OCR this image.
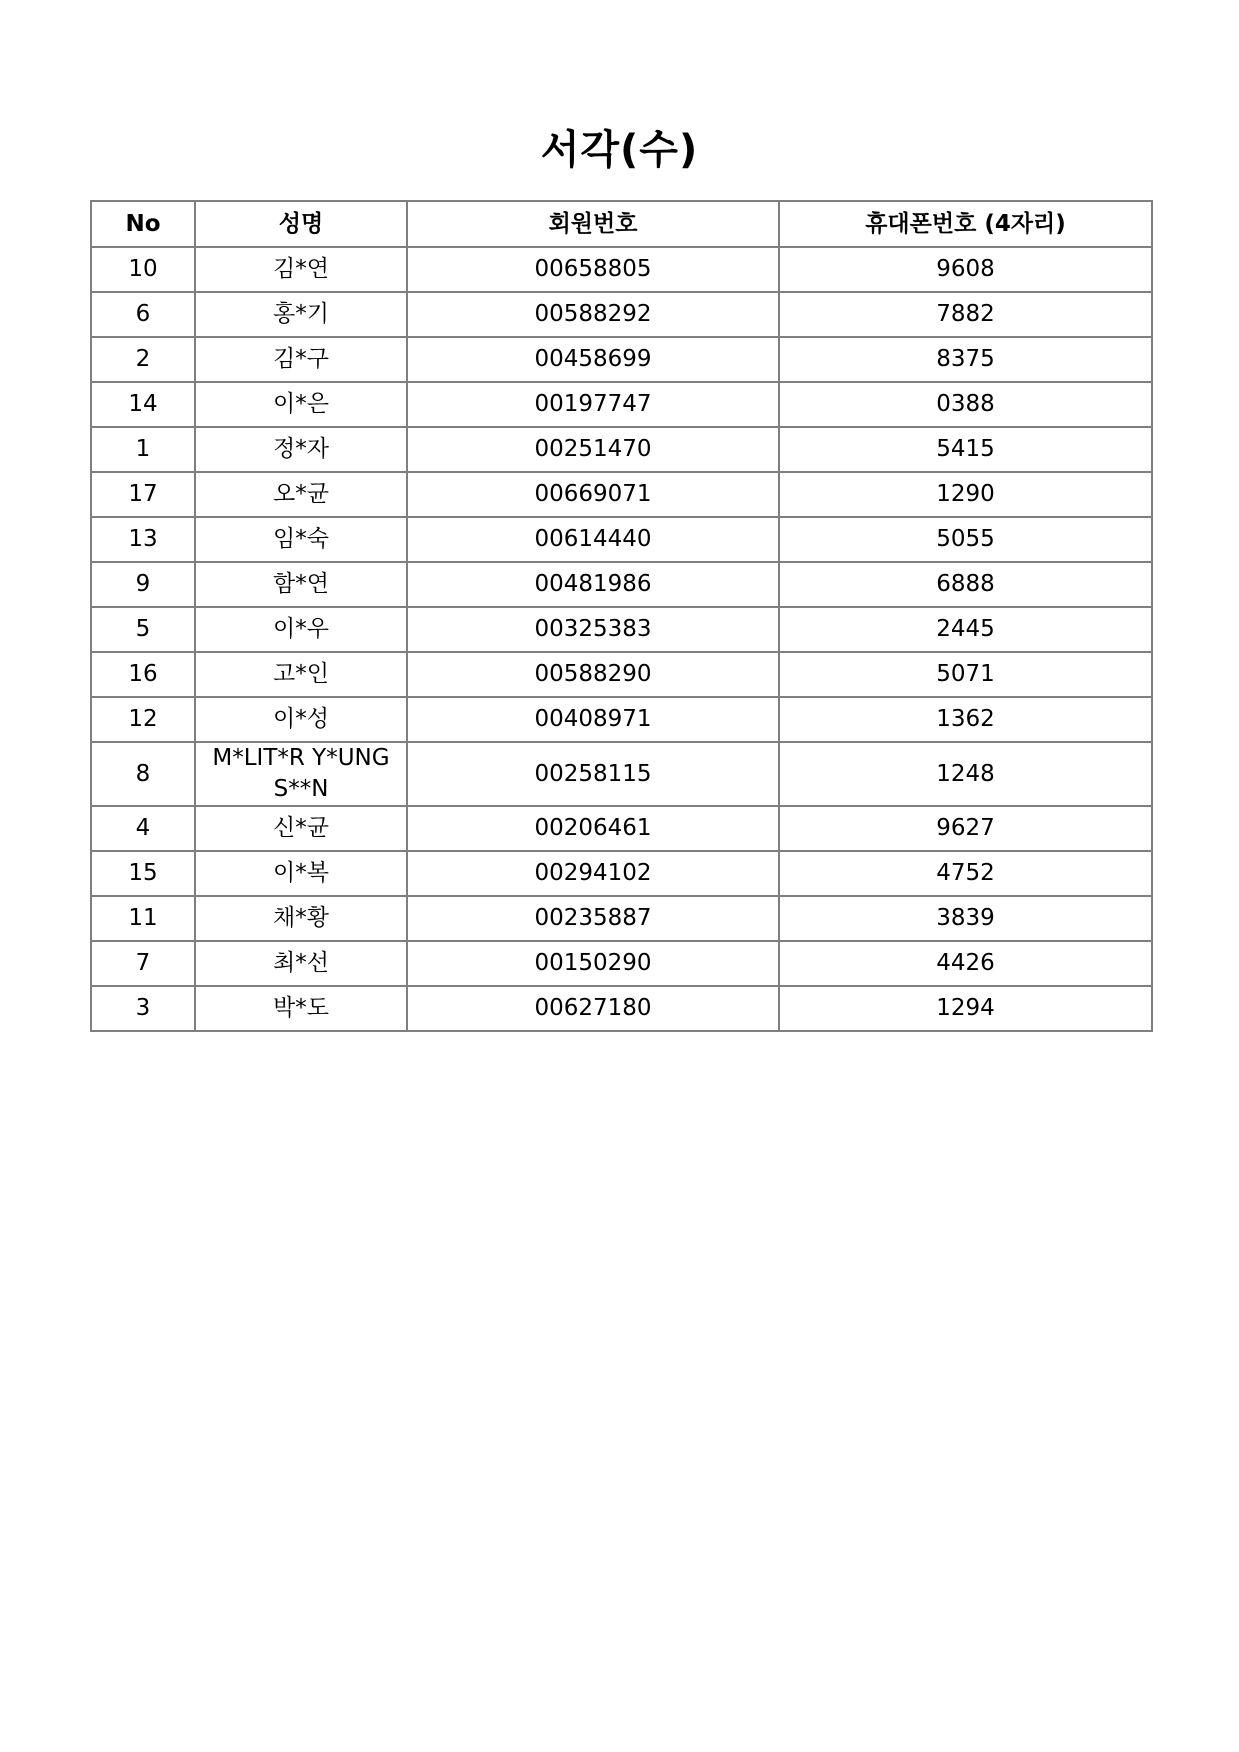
서각(수)
No	성명	회원번호	휴대폰번호 (4자리)
10	김*연	00658805	9608
6	홍*기	00588292	7882
2	김*구	00458699	8375
14	이*은	00197747	0388
1	정*자	00251470	5415
17	오*균	00669071	1290
13	임*숙	00614440	5055
9	함*연	00481986	6888
5	이*우	00325383	2445
16	고*인	00588290	5071
12	이*성	00408971	1362
8	M*LIT*R Y*UNG S**N	00258115	1248
4	신*균	00206461	9627
15	이*복	00294102	4752
11	채*황	00235887	3839
7	최*선	00150290	4426
3	박*도	00627180	1294
